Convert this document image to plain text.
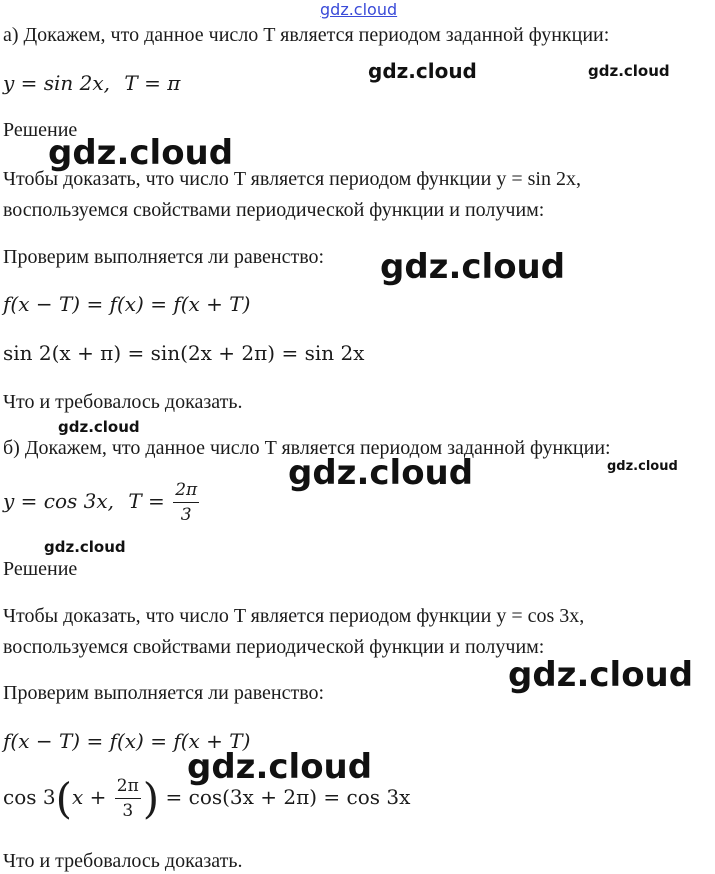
gdz.cloud
gdz.cloud	gdz.cloud
gdz.cloud
gdz.cloud
gdz.cloud
gdz.cloud	gdz.cloud
gdz.cloud
gdz.cloud
gdz.cloud
а) Докажем, что данное число T является периодом заданной функции:
y = sin 2x, T = π
Решение
Чтобы доказать, что число T является периодом функции y = sin 2x,
воспользуемся свойствами периодической функции и получим:
Проверим выполняется ли равенство:
f(x − T) = f(x) = f(x + T)
sin 2(x + π) = sin(2x + 2π) = sin 2x
Что и требовалось доказать.
б) Докажем, что данное число T является периодом заданной функции:
y = cos 3x, $T = \frac{2\pi}{3}$
Решение
Чтобы доказать, что число T является периодом функции y = cos 3x,
воспользуемся свойствами периодической функции и получим:
Проверим выполняется ли равенство:
f(x − T) = f(x) = f(x + T)
$\cos 3(x + \frac{2\pi}{3}$ ) = cos(3x + 2π) = cos 3x
Что и требовалось доказать.
